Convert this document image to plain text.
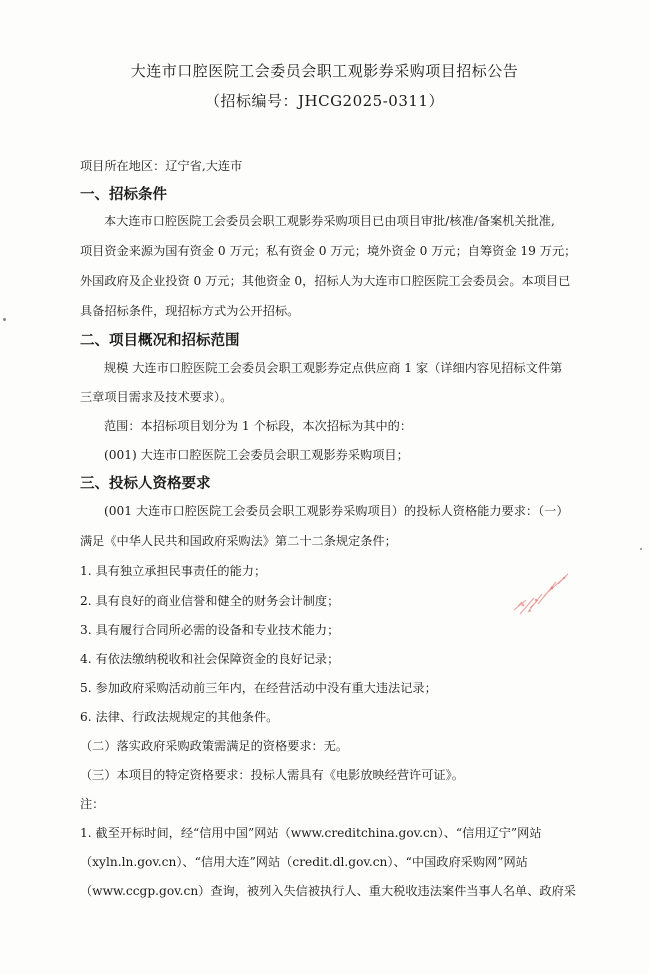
大连市口腔医院工会委员会职工观影券采购项目招标公告
（招标编号：JHCG2025-0311）

项目所在地区：辽宁省,大连市

一、招标条件

本大连市口腔医院工会委员会职工观影券采购项目已由项目审批/核准/备案机关批准,

项目资金来源为国有资金 0 万元；私有资金 0 万元；境外资金 0 万元；自筹资金 19 万元；

外国政府及企业投资 0 万元；其他资金 0，招标人为大连市口腔医院工会委员会。本项目已

具备招标条件，现招标方式为公开招标。

二、项目概况和招标范围

规模 大连市口腔医院工会委员会职工观影券定点供应商 1 家（详细内容见招标文件第

三章项目需求及技术要求）。

范围：本招标项目划分为 1 个标段，本次招标为其中的：

(001) 大连市口腔医院工会委员会职工观影券采购项目；

三、投标人资格要求

(001 大连市口腔医院工会委员会职工观影券采购项目）的投标人资格能力要求：（一）

满足《中华人民共和国政府采购法》第二十二条规定条件；

1. 具有独立承担民事责任的能力；

2. 具有良好的商业信誉和健全的财务会计制度；

3. 具有履行合同所必需的设备和专业技术能力；

4. 有依法缴纳税收和社会保障资金的良好记录；

5. 参加政府采购活动前三年内，在经营活动中没有重大违法记录；

6. 法律、行政法规规定的其他条件。

（二）落实政府采购政策需满足的资格要求：无。

（三）本项目的特定资格要求：投标人需具有《电影放映经营许可证》。

注：

1. 截至开标时间，经“信用中国”网站（www.creditchina.gov.cn）、“信用辽宁”网站

（xyln.ln.gov.cn）、“信用大连”网站（credit.dl.gov.cn）、“中国政府采购网”网站

（www.ccgp.gov.cn）查询，被列入失信被执行人、重大税收违法案件当事人名单、政府采
